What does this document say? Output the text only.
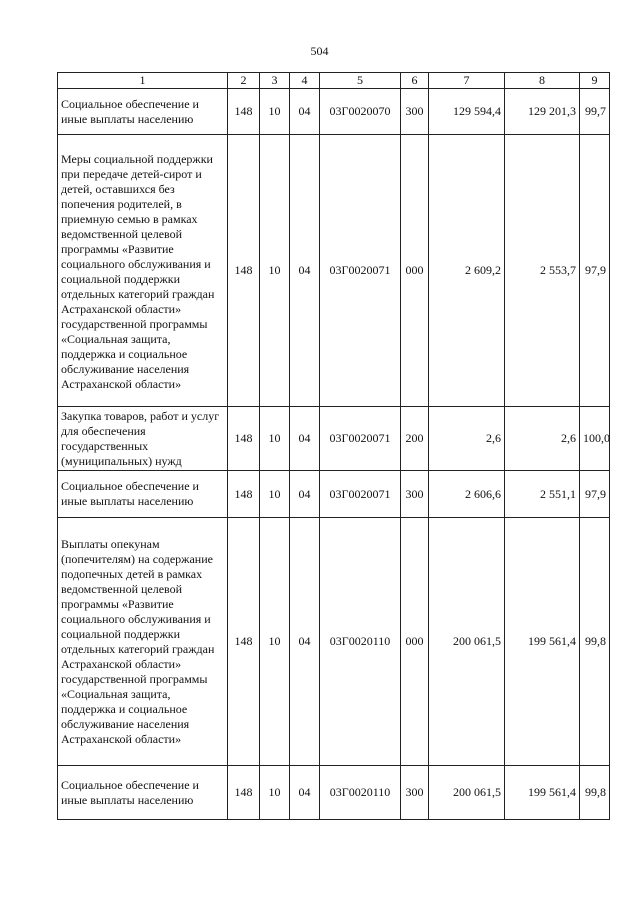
504
1	2	3	4	5	6	7	8	9
Социальное обеспечение и иные выплаты населению	148	10	04	03Г0020070	300	129 594,4	129 201,3	99,7
Меры социальной поддержки при передаче детей-сирот и детей, оставшихся без попечения родителей, в приемную семью в рамках ведомственной целевой программы «Развитие социального обслуживания и социальной поддержки отдельных категорий граждан Астраханской области» государственной программы «Социальная защита, поддержка и социальное обслуживание населения Астраханской области»	148	10	04	03Г0020071	000	2 609,2	2 553,7	97,9
Закупка товаров, работ и услуг для обеспечения государственных (муниципальных) нужд	148	10	04	03Г0020071	200	2,6	2,6	100,0
Социальное обеспечение и иные выплаты населению	148	10	04	03Г0020071	300	2 606,6	2 551,1	97,9
Выплаты опекунам (попечителям) на содержание подопечных детей в рамках ведомственной целевой программы «Развитие социального обслуживания и социальной поддержки отдельных категорий граждан Астраханской области» государственной программы «Социальная защита, поддержка и социальное обслуживание населения Астраханской области»	148	10	04	03Г0020110	000	200 061,5	199 561,4	99,8
Социальное обеспечение и иные выплаты населению	148	10	04	03Г0020110	300	200 061,5	199 561,4	99,8
